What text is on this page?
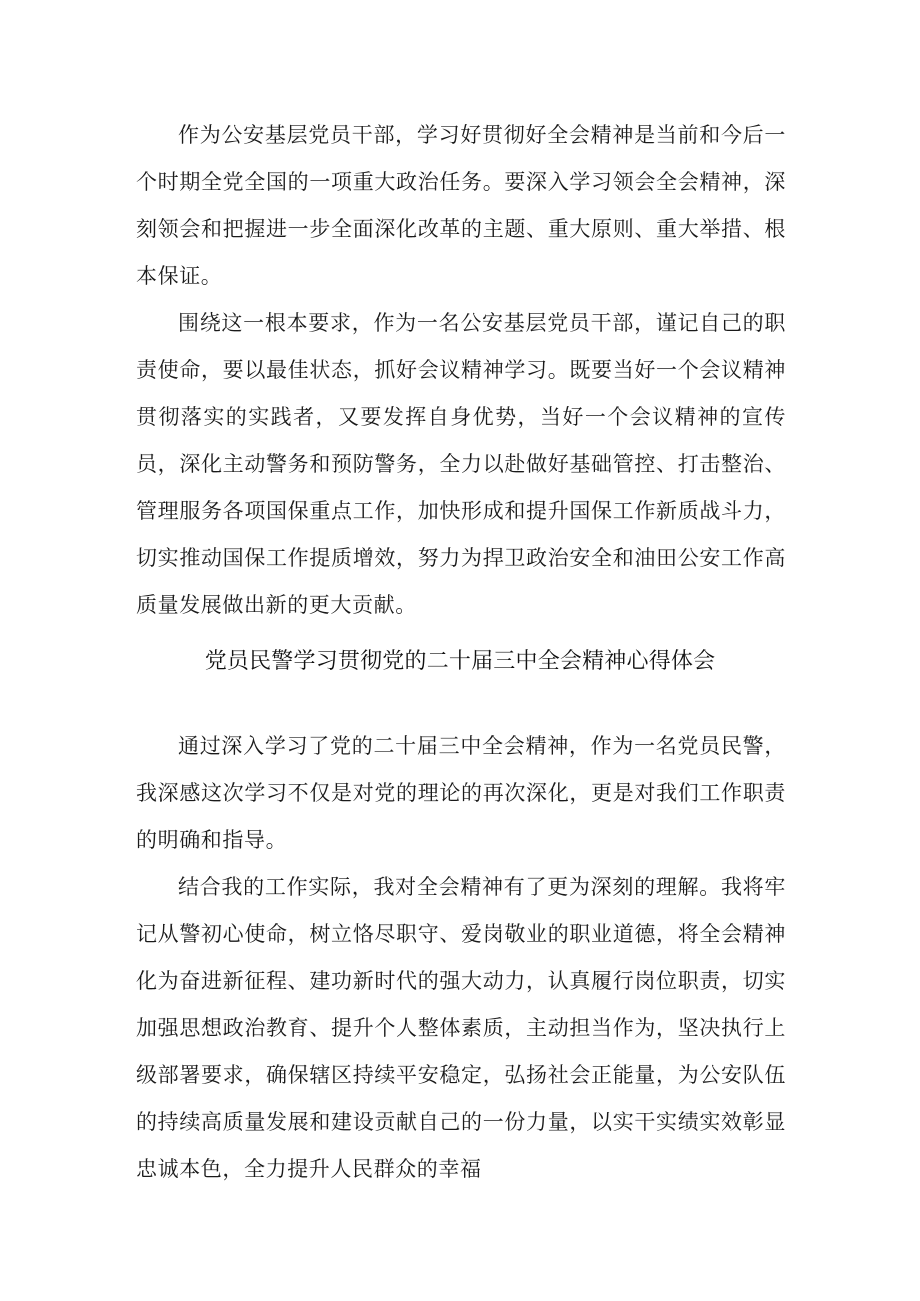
作为公安基层党员干部，学习好贯彻好全会精神是当前和今后一个时期全党全国的一项重大政治任务。要深入学习领会全会精神，深刻领会和把握进一步全面深化改革的主题、重大原则、重大举措、根本保证。

围绕这一根本要求，作为一名公安基层党员干部，谨记自己的职责使命，要以最佳状态，抓好会议精神学习。既要当好一个会议精神贯彻落实的实践者，又要发挥自身优势，当好一个会议精神的宣传员，深化主动警务和预防警务，全力以赴做好基础管控、打击整治、管理服务各项国保重点工作，加快形成和提升国保工作新质战斗力，切实推动国保工作提质增效，努力为捍卫政治安全和油田公安工作高质量发展做出新的更大贡献。

党员民警学习贯彻党的二十届三中全会精神心得体会

通过深入学习了党的二十届三中全会精神，作为一名党员民警，我深感这次学习不仅是对党的理论的再次深化，更是对我们工作职责的明确和指导。

结合我的工作实际，我对全会精神有了更为深刻的理解。我将牢记从警初心使命，树立恪尽职守、爱岗敬业的职业道德，将全会精神化为奋进新征程、建功新时代的强大动力，认真履行岗位职责，切实加强思想政治教育、提升个人整体素质，主动担当作为，坚决执行上级部署要求，确保辖区持续平安稳定，弘扬社会正能量，为公安队伍的持续高质量发展和建设贡献自己的一份力量，以实干实绩实效彰显忠诚本色，全力提升人民群众的幸福
